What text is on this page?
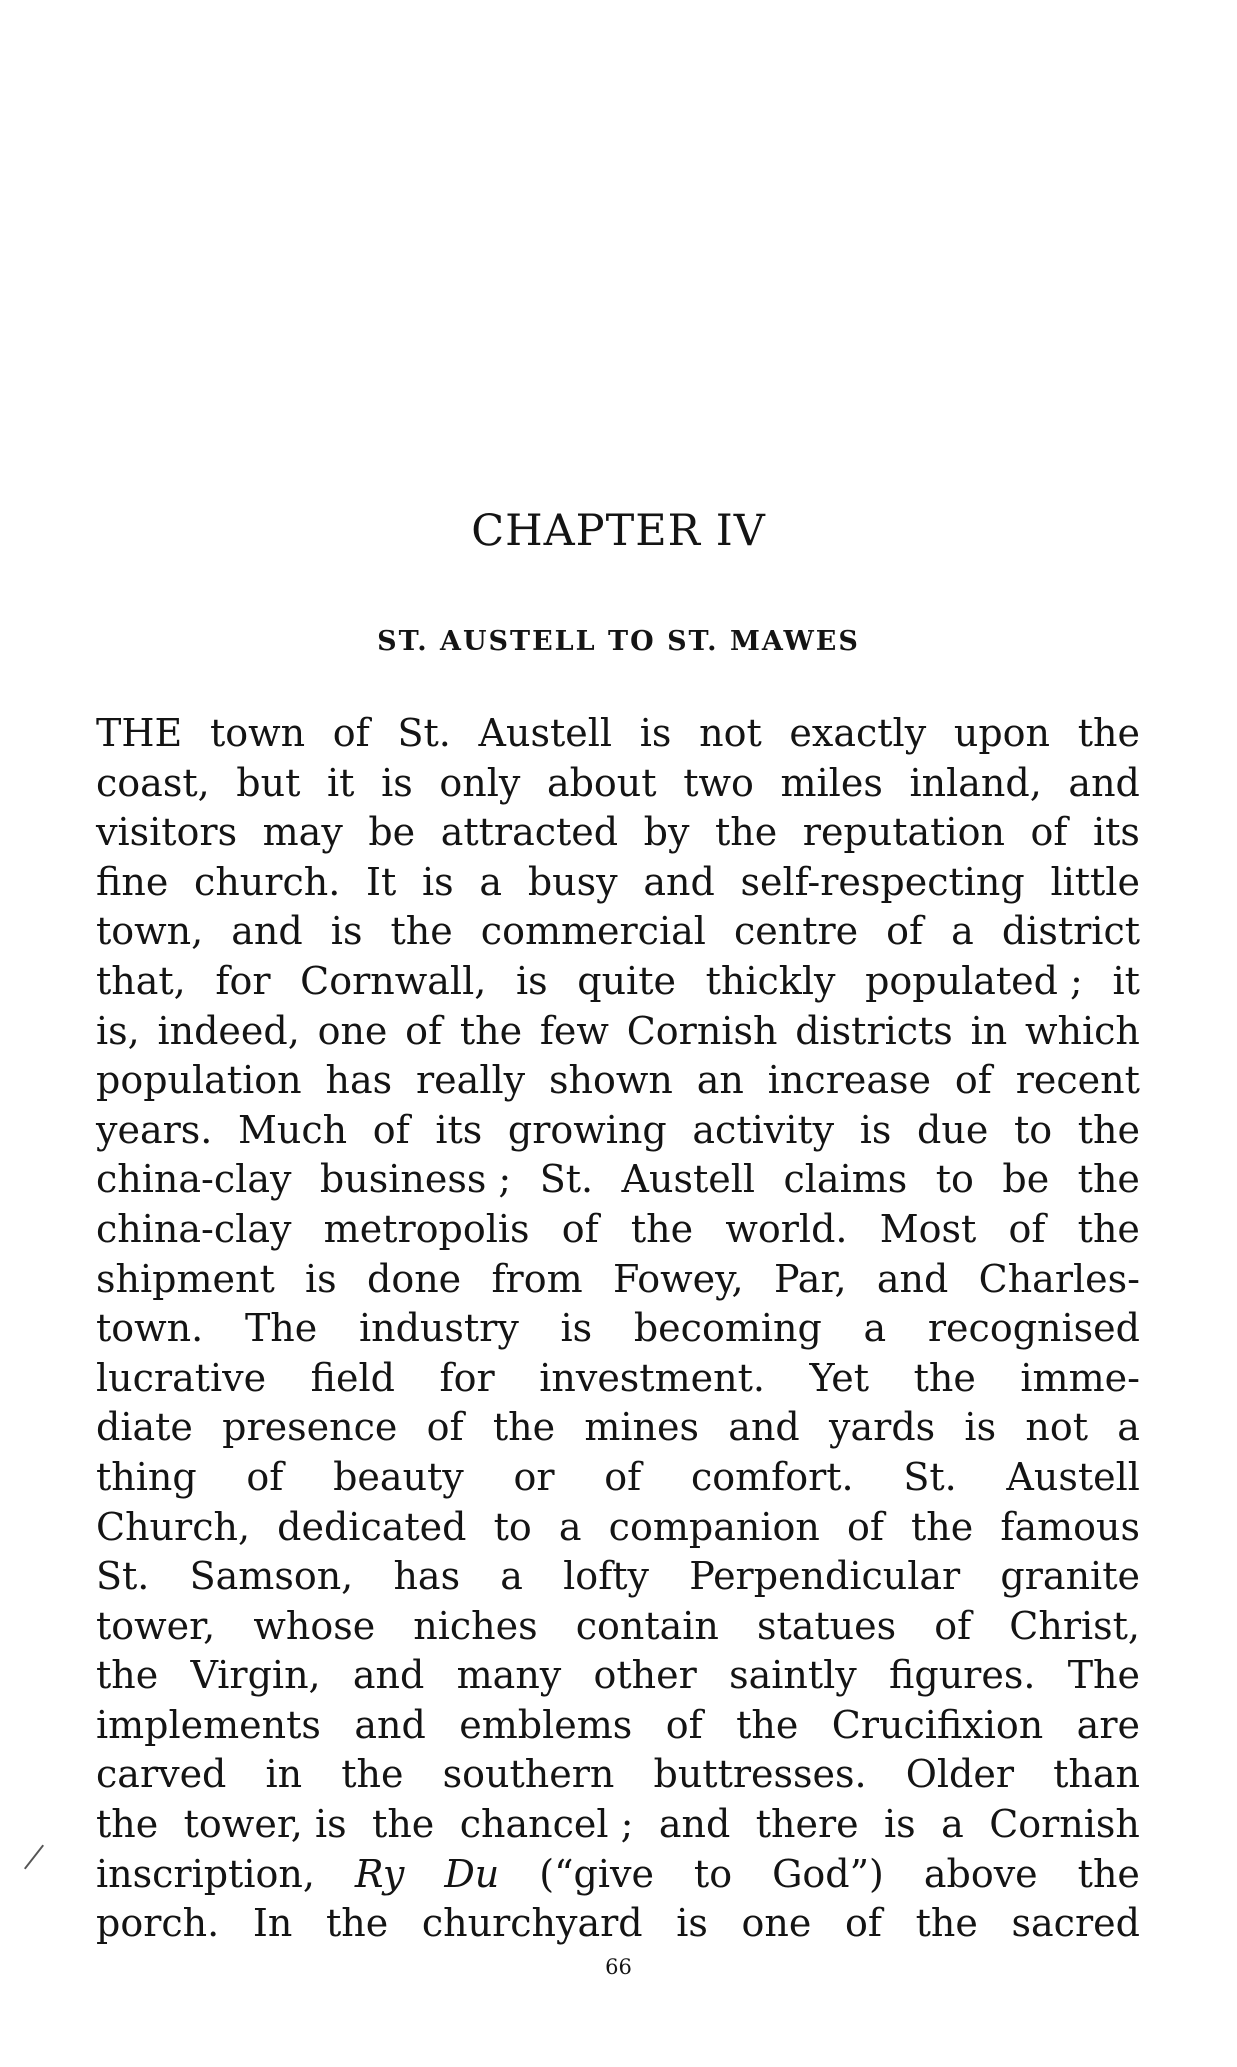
CHAPTER IV
ST. AUSTELL TO ST. MAWES
THE town of St. Austell is not exactly upon the
coast, but it is only about two miles inland, and
visitors may be attracted by the reputation of its
fine church. It is a busy and self-respecting little
town, and is the commercial centre of a district
that, for Cornwall, is quite thickly populated ; it
is, indeed, one of the few Cornish districts in which
population has really shown an increase of recent
years. Much of its growing activity is due to the
china-clay business ; St. Austell claims to be the
china-clay metropolis of the world. Most of the
shipment is done from Fowey, Par, and Charles-
town. The industry is becoming a recognised
lucrative field for investment. Yet the imme-
diate presence of the mines and yards is not a
thing of beauty or of comfort. St. Austell
Church, dedicated to a companion of the famous
St. Samson, has a lofty Perpendicular granite
tower, whose niches contain statues of Christ,
the Virgin, and many other saintly figures. The
implements and emblems of the Crucifixion are
carved in the southern buttresses. Older than
the tower, is the chancel ; and there is a Cornish
inscription, Ry Du (“give to God”) above the
porch. In the churchyard is one of the sacred

66
